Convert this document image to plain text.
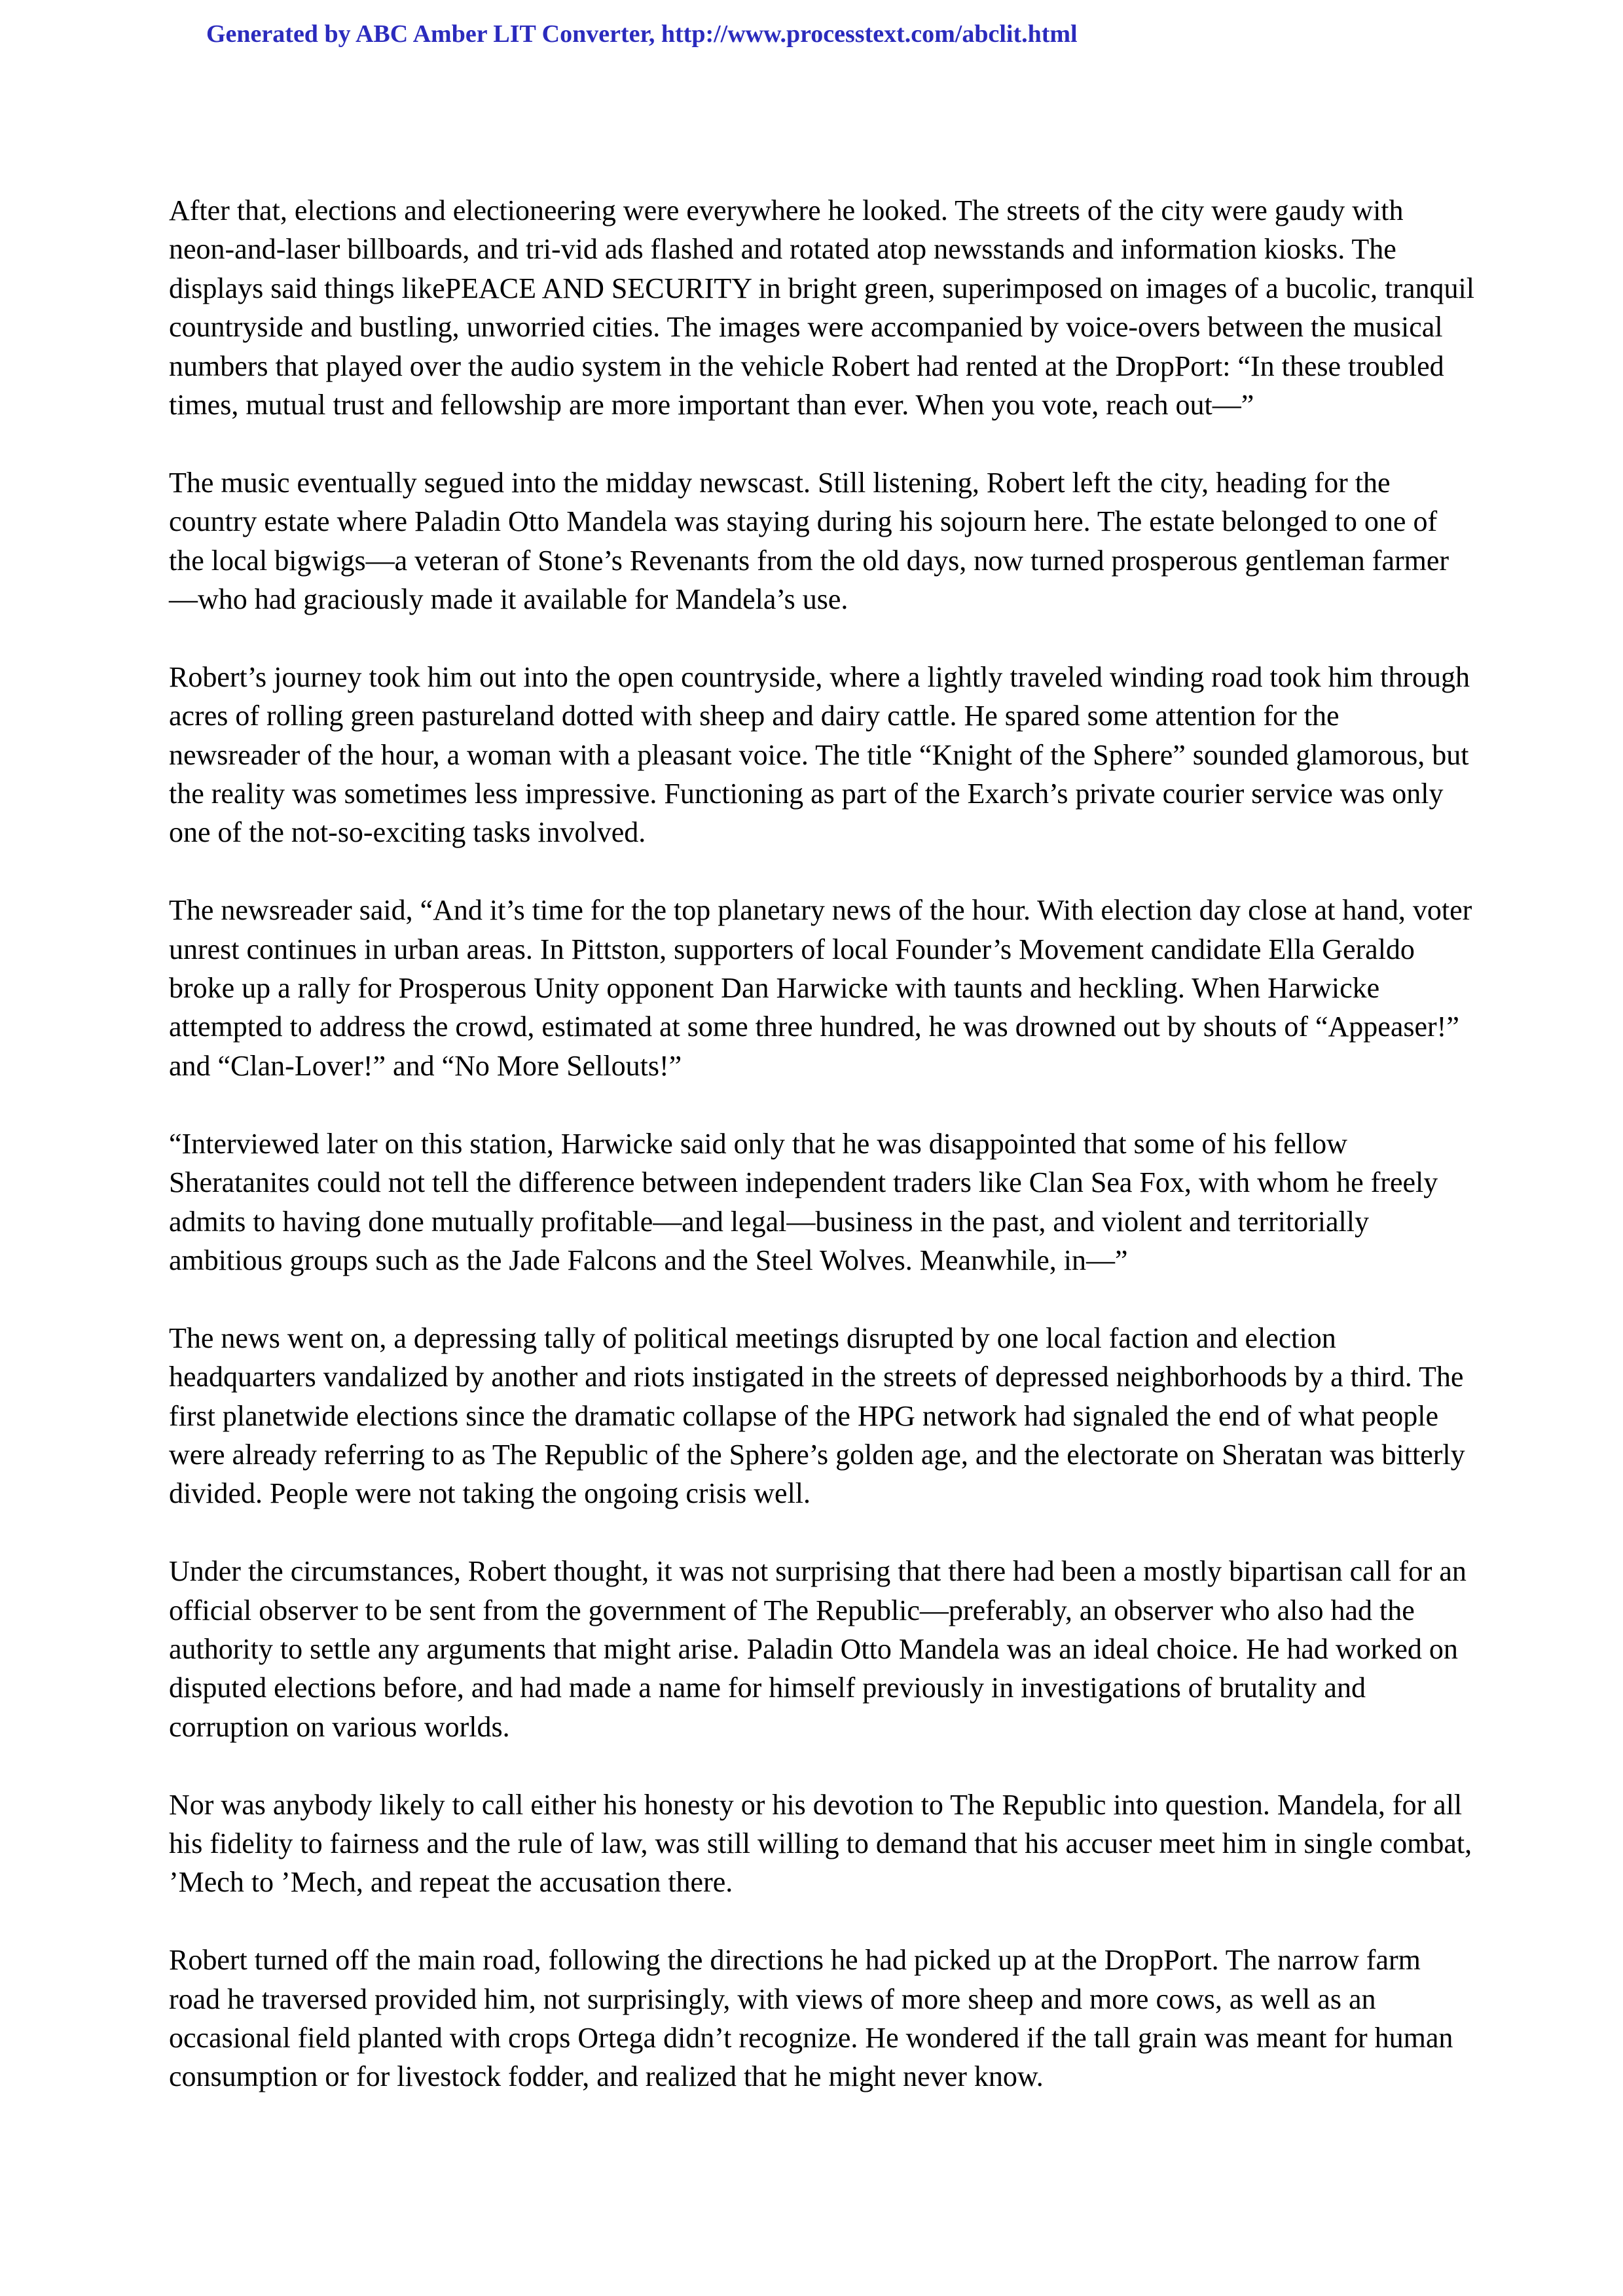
Generated by ABC Amber LIT Converter, http://www.processtext.com/abclit.html

After that, elections and electioneering were everywhere he looked. The streets of the city were gaudy with neon-and-laser billboards, and tri-vid ads flashed and rotated atop newsstands and information kiosks. The displays said things likePEACE AND SECURITY in bright green, superimposed on images of a bucolic, tranquil countryside and bustling, unworried cities. The images were accompanied by voice-overs between the musical numbers that played over the audio system in the vehicle Robert had rented at the DropPort: “In these troubled times, mutual trust and fellowship are more important than ever. When you vote, reach out—”

The music eventually segued into the midday newscast. Still listening, Robert left the city, heading for the country estate where Paladin Otto Mandela was staying during his sojourn here. The estate belonged to one of the local bigwigs—a veteran of Stone’s Revenants from the old days, now turned prosperous gentleman farmer—who had graciously made it available for Mandela’s use.

Robert’s journey took him out into the open countryside, where a lightly traveled winding road took him through acres of rolling green pastureland dotted with sheep and dairy cattle. He spared some attention for the newsreader of the hour, a woman with a pleasant voice. The title “Knight of the Sphere” sounded glamorous, but the reality was sometimes less impressive. Functioning as part of the Exarch’s private courier service was only one of the not-so-exciting tasks involved.

The newsreader said, “And it’s time for the top planetary news of the hour. With election day close at hand, voter unrest continues in urban areas. In Pittston, supporters of local Founder’s Movement candidate Ella Geraldo broke up a rally for Prosperous Unity opponent Dan Harwicke with taunts and heckling. When Harwicke attempted to address the crowd, estimated at some three hundred, he was drowned out by shouts of “Appeaser!” and “Clan-Lover!” and “No More Sellouts!”

“Interviewed later on this station, Harwicke said only that he was disappointed that some of his fellow Sheratanites could not tell the difference between independent traders like Clan Sea Fox, with whom he freely admits to having done mutually profitable—and legal—business in the past, and violent and territorially ambitious groups such as the Jade Falcons and the Steel Wolves. Meanwhile, in—”

The news went on, a depressing tally of political meetings disrupted by one local faction and election headquarters vandalized by another and riots instigated in the streets of depressed neighborhoods by a third. The first planetwide elections since the dramatic collapse of the HPG network had signaled the end of what people were already referring to as The Republic of the Sphere’s golden age, and the electorate on Sheratan was bitterly divided. People were not taking the ongoing crisis well.

Under the circumstances, Robert thought, it was not surprising that there had been a mostly bipartisan call for an official observer to be sent from the government of The Republic—preferably, an observer who also had the authority to settle any arguments that might arise. Paladin Otto Mandela was an ideal choice. He had worked on disputed elections before, and had made a name for himself previously in investigations of brutality and corruption on various worlds.

Nor was anybody likely to call either his honesty or his devotion to The Republic into question. Mandela, for all his fidelity to fairness and the rule of law, was still willing to demand that his accuser meet him in single combat, ’Mech to ’Mech, and repeat the accusation there.

Robert turned off the main road, following the directions he had picked up at the DropPort. The narrow farm road he traversed provided him, not surprisingly, with views of more sheep and more cows, as well as an occasional field planted with crops Ortega didn’t recognize. He wondered if the tall grain was meant for human consumption or for livestock fodder, and realized that he might never know.
